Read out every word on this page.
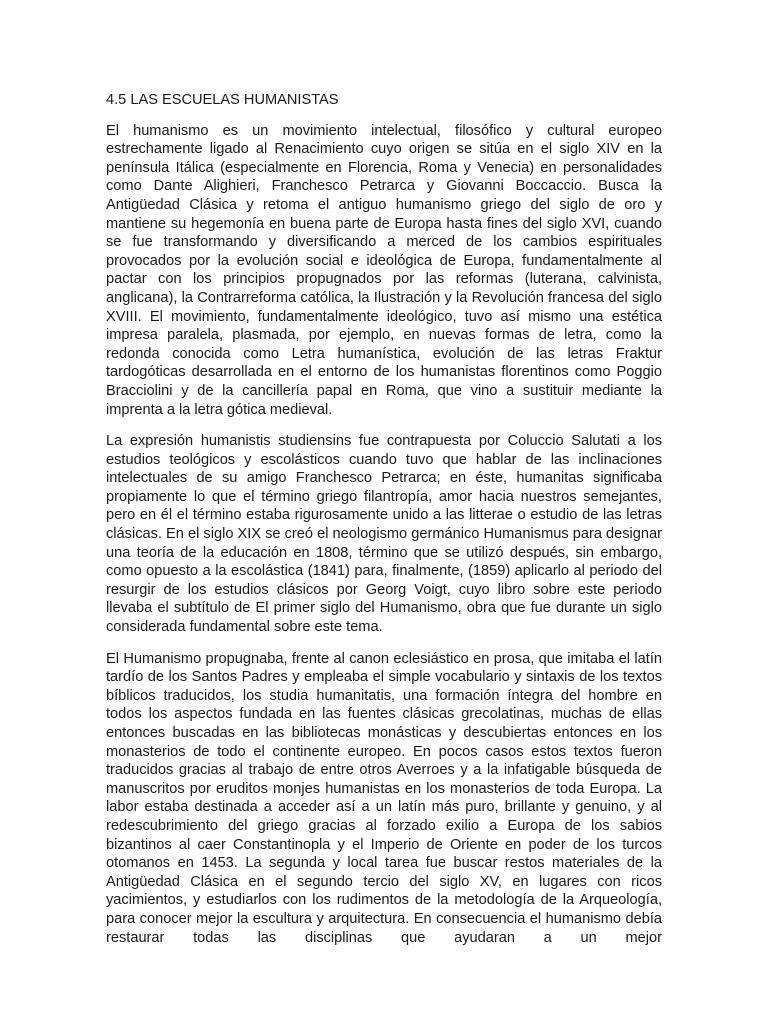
4.5 LAS ESCUELAS HUMANISTAS

El humanismo es un movimiento intelectual, filosófico y cultural europeo estrechamente ligado al Renacimiento cuyo origen se sitúa en el siglo XIV en la península Itálica (especialmente en Florencia, Roma y Venecia) en personalidades como Dante Alighieri, Franchesco Petrarca y Giovanni Boccaccio. Busca la Antigüedad Clásica y retoma el antiguo humanismo griego del siglo de oro y mantiene su hegemonía en buena parte de Europa hasta fines del siglo XVI, cuando se fue transformando y diversificando a merced de los cambios espirituales provocados por la evolución social e ideológica de Europa, fundamentalmente al pactar con los principios propugnados por las reformas (luterana, calvinista, anglicana), la Contrarreforma católica, la Ilustración y la Revolución francesa del siglo XVIII. El movimiento, fundamentalmente ideológico, tuvo así mismo una estética impresa paralela, plasmada, por ejemplo, en nuevas formas de letra, como la redonda conocida como Letra humanística, evolución de las letras Fraktur tardogóticas desarrollada en el entorno de los humanistas florentinos como Poggio Bracciolini y de la cancillería papal en Roma, que vino a sustituir mediante la imprenta a la letra gótica medieval.

La expresión humanistis studiensins fue contrapuesta por Coluccio Salutati a los estudios teológicos y escolásticos cuando tuvo que hablar de las inclinaciones intelectuales de su amigo Franchesco Petrarca; en éste, humanitas significaba propiamente lo que el término griego filantropía, amor hacia nuestros semejantes, pero en él el término estaba rigurosamente unido a las litterae o estudio de las letras clásicas. En el siglo XIX se creó el neologismo germánico Humanismus para designar una teoría de la educación en 1808, término que se utilizó después, sin embargo, como opuesto a la escolástica (1841) para, finalmente, (1859) aplicarlo al periodo del resurgir de los estudios clásicos por Georg Voigt, cuyo libro sobre este periodo llevaba el subtítulo de El primer siglo del Humanismo, obra que fue durante un siglo considerada fundamental sobre este tema.

El Humanismo propugnaba, frente al canon eclesiástico en prosa, que imitaba el latín tardío de los Santos Padres y empleaba el simple vocabulario y sintaxis de los textos bíblicos traducidos, los studia humanitatis, una formación íntegra del hombre en todos los aspectos fundada en las fuentes clásicas grecolatinas, muchas de ellas entonces buscadas en las bibliotecas monásticas y descubiertas entonces en los monasterios de todo el continente europeo. En pocos casos estos textos fueron traducidos gracias al trabajo de entre otros Averroes y a la infatigable búsqueda de manuscritos por eruditos monjes humanistas en los monasterios de toda Europa. La labor estaba destinada a acceder así a un latín más puro, brillante y genuino, y al redescubrimiento del griego gracias al forzado exilio a Europa de los sabios bizantinos al caer Constantinopla y el Imperio de Oriente en poder de los turcos otomanos en 1453. La segunda y local tarea fue buscar restos materiales de la Antigüedad Clásica en el segundo tercio del siglo XV, en lugares con ricos yacimientos, y estudiarlos con los rudimentos de la metodología de la Arqueología, para conocer mejor la escultura y arquitectura. En consecuencia el humanismo debía restaurar todas las disciplinas que ayudaran a un mejor
